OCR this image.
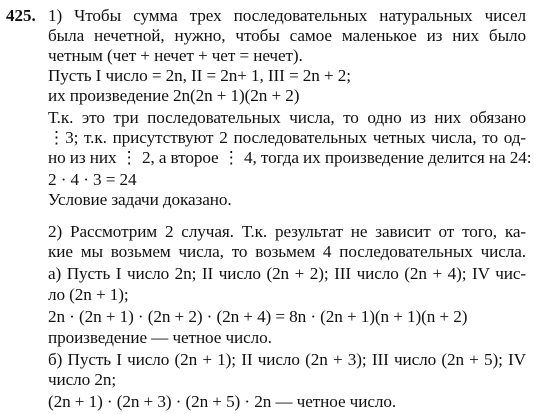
425. 1) Чтобы сумма трех последовательных натуральных чисел
была нечетной, нужно, чтобы самое маленькое из них было
четным (чет + нечет + чет = нечет).
Пусть I число = 2n, II = 2n+ 1, III = 2n + 2;
их произведение 2n(2n + 1)(2n + 2)
Т.к. это три последовательных числа, то одно из них обязано
⋮3; т.к. присутствуют 2 последовательных четных числа, то од-
но из них ⋮ 2, а второе ⋮ 4, тогда их произведение делится на 24:
2 · 4 · 3 = 24
Условие задачи доказано.
2) Рассмотрим 2 случая. Т.к. результат не зависит от того, ка-
кие мы возьмем числа, то возьмем 4 последовательных числа.
а) Пусть I число 2n; II число (2n + 2); III число (2n + 4); IV чис-
ло (2n + 1);
2n · (2n + 1) · (2n + 2) · (2n + 4) = 8n · (2n + 1)(n + 1)(n + 2)
произведение — четное число.
б) Пусть I число (2n + 1); II число (2n + 3); III число (2n + 5); IV
число 2n;
(2n + 1) · (2n + 3) · (2n + 5) · 2n — четное число.
